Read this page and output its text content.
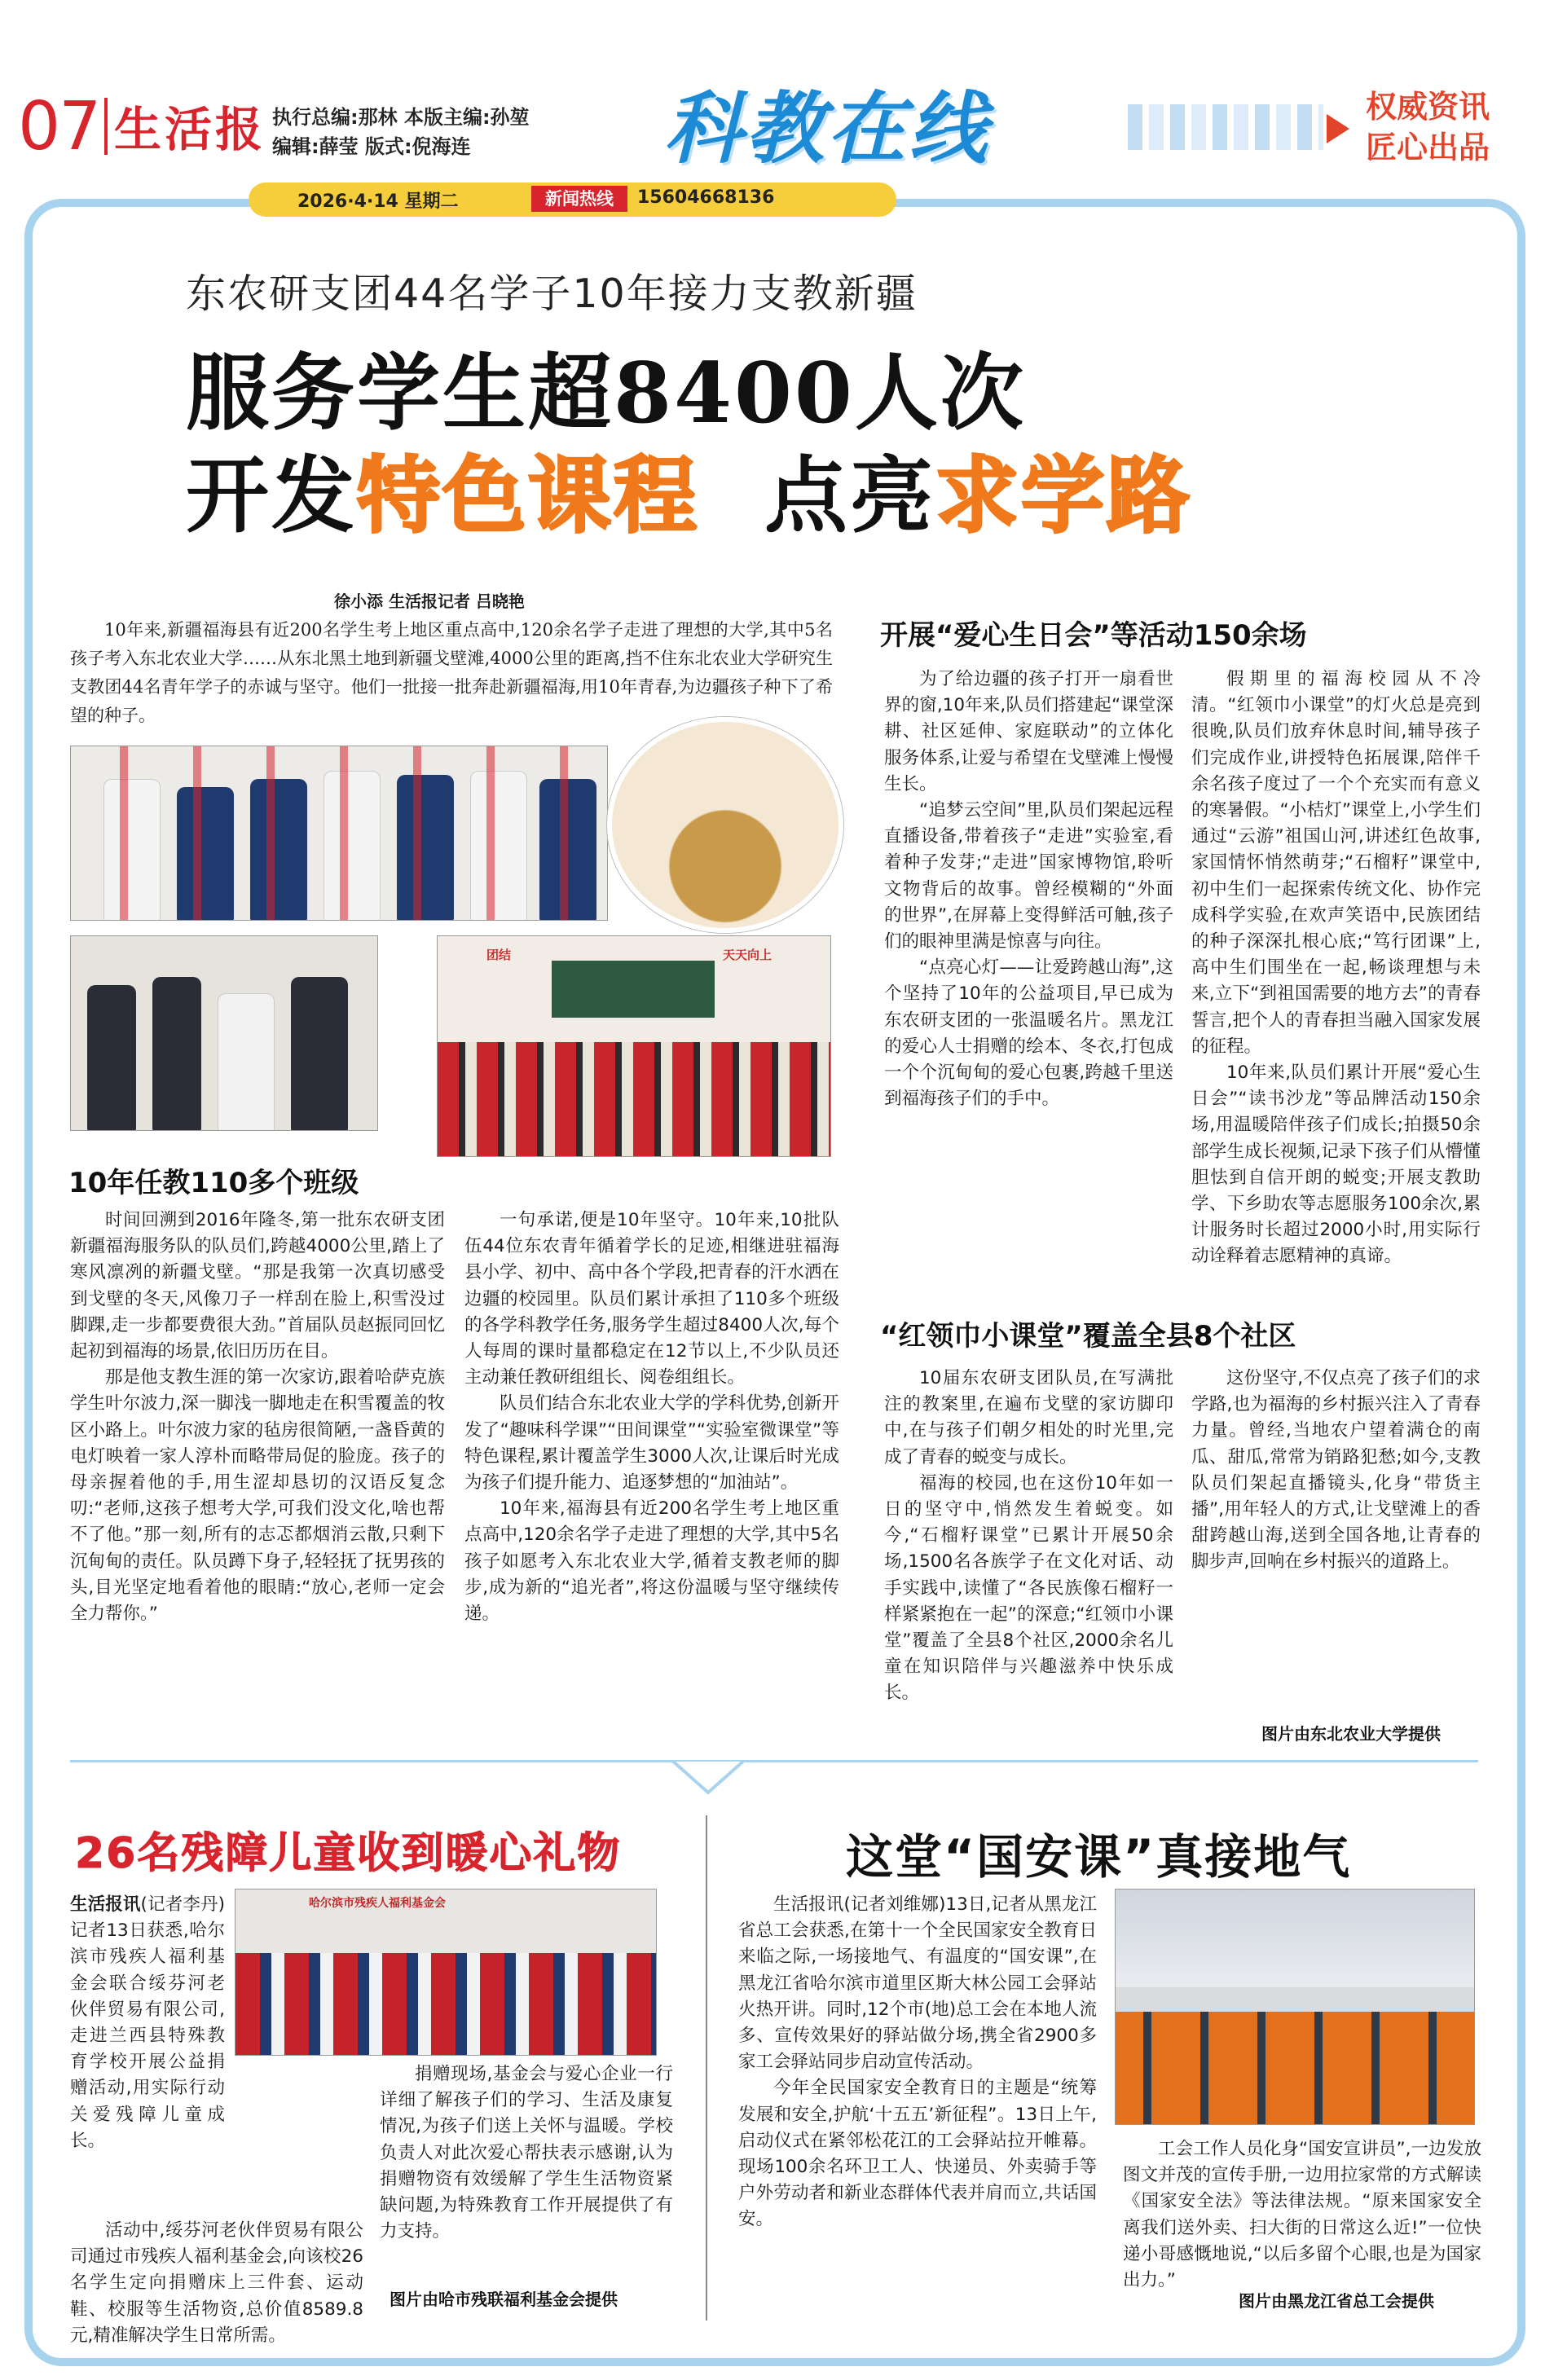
07 生活报 执行总编:那林 本版主编:孙堃
编辑:薛莹 版式:倪海连 科教在线	权威资讯
匠心出品
2026·4·14 星期二	新闻热线	15604668136
东农研支团44名学子10年接力支教新疆
服务学生超8400人次
开发特色课程 点亮求学路
徐小添 生活报记者 吕晓艳
10年来,新疆福海县有近200名学生考上地区重点高中,120余名学子走进了理想的大学,其中5名孩子考入东北农业大学……从东北黑土地到新疆戈壁滩,4000公里的距离,挡不住东北农业大学研究生支教团44名青年学子的赤诚与坚守。他们一批接一批奔赴新疆福海,用10年青春,为边疆孩子种下了希望的种子。
团结	天天向上
10年任教110多个班级

时间回溯到2016年隆冬,第一批东农研支团新疆福海服务队的队员们,跨越4000公里,踏上了寒风凛冽的新疆戈壁。“那是我第一次真切感受到戈壁的冬天,风像刀子一样刮在脸上,积雪没过脚踝,走一步都要费很大劲。”首届队员赵振同回忆起初到福海的场景,依旧历历在目。

那是他支教生涯的第一次家访,跟着哈萨克族学生叶尔波力,深一脚浅一脚地走在积雪覆盖的牧区小路上。叶尔波力家的毡房很简陋,一盏昏黄的电灯映着一家人淳朴而略带局促的脸庞。孩子的母亲握着他的手,用生涩却恳切的汉语反复念叨:“老师,这孩子想考大学,可我们没文化,啥也帮不了他。”那一刻,所有的志忑都烟消云散,只剩下沉甸甸的责任。队员蹲下身子,轻轻抚了抚男孩的头,目光坚定地看着他的眼睛:“放心,老师一定会全力帮你。”

一句承诺,便是10年坚守。10年来,10批队伍44位东农青年循着学长的足迹,相继进驻福海县小学、初中、高中各个学段,把青春的汗水洒在边疆的校园里。队员们累计承担了110多个班级的各学科教学任务,服务学生超过8400人次,每个人每周的课时量都稳定在12节以上,不少队员还主动兼任教研组组长、阅卷组组长。

队员们结合东北农业大学的学科优势,创新开发了“趣味科学课”“田间课堂”“实验室微课堂”等特色课程,累计覆盖学生3000人次,让课后时光成为孩子们提升能力、追逐梦想的“加油站”。

10年来,福海县有近200名学生考上地区重点高中,120余名学子走进了理想的大学,其中5名孩子如愿考入东北农业大学,循着支教老师的脚步,成为新的“追光者”,将这份温暖与坚守继续传递。

开展“爱心生日会”等活动150余场

为了给边疆的孩子打开一扇看世界的窗,10年来,队员们搭建起“课堂深耕、社区延伸、家庭联动”的立体化服务体系,让爱与希望在戈壁滩上慢慢生长。

“追梦云空间”里,队员们架起远程直播设备,带着孩子“走进”实验室,看着种子发芽;“走进”国家博物馆,聆听文物背后的故事。曾经模糊的“外面的世界”,在屏幕上变得鲜活可触,孩子们的眼神里满是惊喜与向往。

“点亮心灯——让爱跨越山海”,这个坚持了10年的公益项目,早已成为东农研支团的一张温暖名片。黑龙江的爱心人士捐赠的绘本、冬衣,打包成一个个沉甸甸的爱心包裹,跨越千里送到福海孩子们的手中。

假期里的福海校园从不冷清。“红领巾小课堂”的灯火总是亮到很晚,队员们放弃休息时间,辅导孩子们完成作业,讲授特色拓展课,陪伴千余名孩子度过了一个个充实而有意义的寒暑假。“小桔灯”课堂上,小学生们通过“云游”祖国山河,讲述红色故事,家国情怀悄然萌芽;“石榴籽”课堂中,初中生们一起探索传统文化、协作完成科学实验,在欢声笑语中,民族团结的种子深深扎根心底;“笃行团课”上,高中生们围坐在一起,畅谈理想与未来,立下“到祖国需要的地方去”的青春誓言,把个人的青春担当融入国家发展的征程。

10年来,队员们累计开展“爱心生日会”“读书沙龙”等品牌活动150余场,用温暖陪伴孩子们成长;拍摄50余部学生成长视频,记录下孩子们从懵懂胆怯到自信开朗的蜕变;开展支教助学、下乡助农等志愿服务100余次,累计服务时长超过2000小时,用实际行动诠释着志愿精神的真谛。

“红领巾小课堂”覆盖全县8个社区

10届东农研支团队员,在写满批注的教案里,在遍布戈壁的家访脚印中,在与孩子们朝夕相处的时光里,完成了青春的蜕变与成长。

福海的校园,也在这份10年如一日的坚守中,悄然发生着蜕变。如今,“石榴籽课堂”已累计开展50余场,1500名各族学子在文化对话、动手实践中,读懂了“各民族像石榴籽一样紧紧抱在一起”的深意;“红领巾小课堂”覆盖了全县8个社区,2000余名儿童在知识陪伴与兴趣滋养中快乐成长。

这份坚守,不仅点亮了孩子们的求学路,也为福海的乡村振兴注入了青春力量。曾经,当地农户望着满仓的南瓜、甜瓜,常常为销路犯愁;如今,支教队员们架起直播镜头,化身“带货主播”,用年轻人的方式,让戈壁滩上的香甜跨越山海,送到全国各地,让青春的脚步声,回响在乡村振兴的道路上。

图片由东北农业大学提供
26名残障儿童收到暖心礼物
生活报讯(记者李丹)记者13日获悉,哈尔滨市残疾人福利基金会联合绥芬河老伙伴贸易有限公司,走进兰西县特殊教育学校开展公益捐赠活动,用实际行动关爱残障儿童成长。
哈尔滨市残疾人福利基金会

活动中,绥芬河老伙伴贸易有限公司通过市残疾人福利基金会,向该校26名学生定向捐赠床上三件套、运动鞋、校服等生活物资,总价值8589.8元,精准解决学生日常所需。

捐赠现场,基金会与爱心企业一行详细了解孩子们的学习、生活及康复情况,为孩子们送上关怀与温暖。学校负责人对此次爱心帮扶表示感谢,认为捐赠物资有效缓解了学生生活物资紧缺问题,为特殊教育工作开展提供了有力支持。

图片由哈市残联福利基金会提供
这堂“国安课”真接地气

生活报讯(记者刘维娜)13日,记者从黑龙江省总工会获悉,在第十一个全民国家安全教育日来临之际,一场接地气、有温度的“国安课”,在黑龙江省哈尔滨市道里区斯大林公园工会驿站火热开讲。同时,12个市(地)总工会在本地人流多、宣传效果好的驿站做分场,携全省2900多家工会驿站同步启动宣传活动。

今年全民国家安全教育日的主题是“统筹发展和安全,护航‘十五五’新征程”。13日上午,启动仪式在紧邻松花江的工会驿站拉开帷幕。现场100余名环卫工人、快递员、外卖骑手等户外劳动者和新业态群体代表并肩而立,共话国安。

工会工作人员化身“国安宣讲员”,一边发放图文并茂的宣传手册,一边用拉家常的方式解读《国家安全法》等法律法规。“原来国家安全离我们送外卖、扫大街的日常这么近!”一位快递小哥感慨地说,“以后多留个心眼,也是为国家出力。”

图片由黑龙江省总工会提供
